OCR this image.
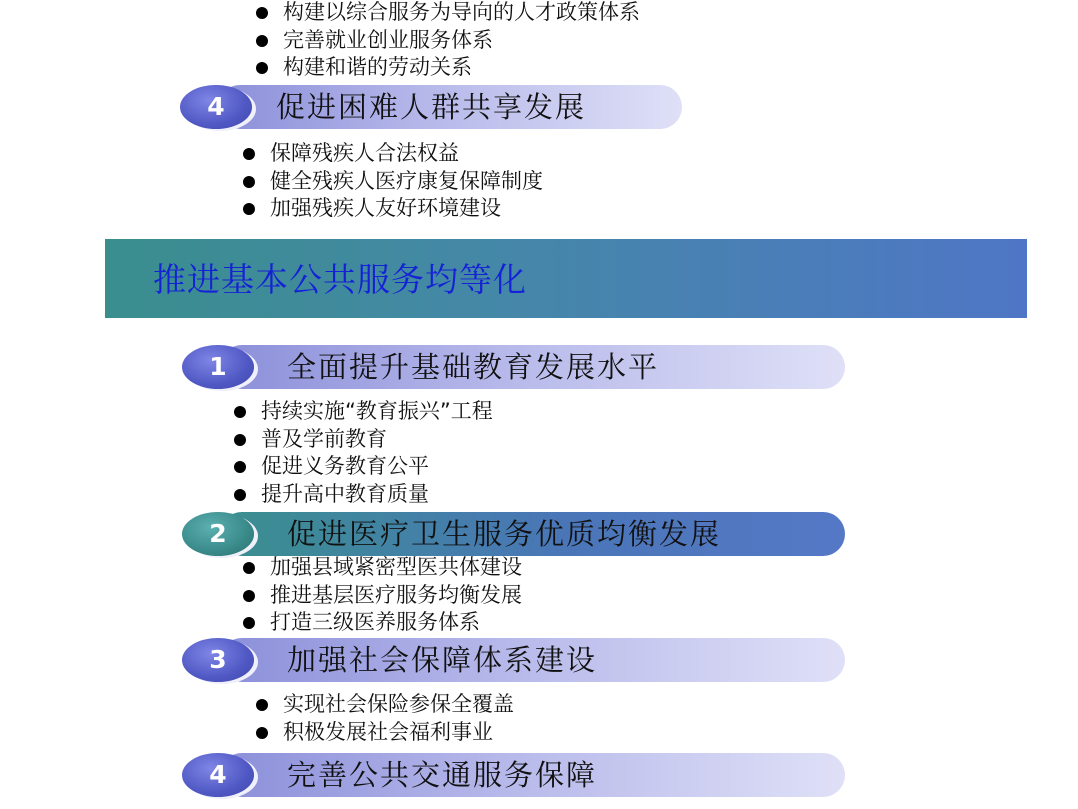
构建以综合服务为导向的人才政策体系
完善就业创业服务体系
构建和谐的劳动关系
4	促进困难人群共享发展
保障残疾人合法权益
健全残疾人医疗康复保障制度
加强残疾人友好环境建设
推进基本公共服务均等化
1	全面提升基础教育发展水平
持续实施“教育振兴”工程
普及学前教育
促进义务教育公平
提升高中教育质量
2	促进医疗卫生服务优质均衡发展
加强县域紧密型医共体建设
推进基层医疗服务均衡发展
打造三级医养服务体系
3	加强社会保障体系建设
实现社会保险参保全覆盖
积极发展社会福利事业
4	完善公共交通服务保障
